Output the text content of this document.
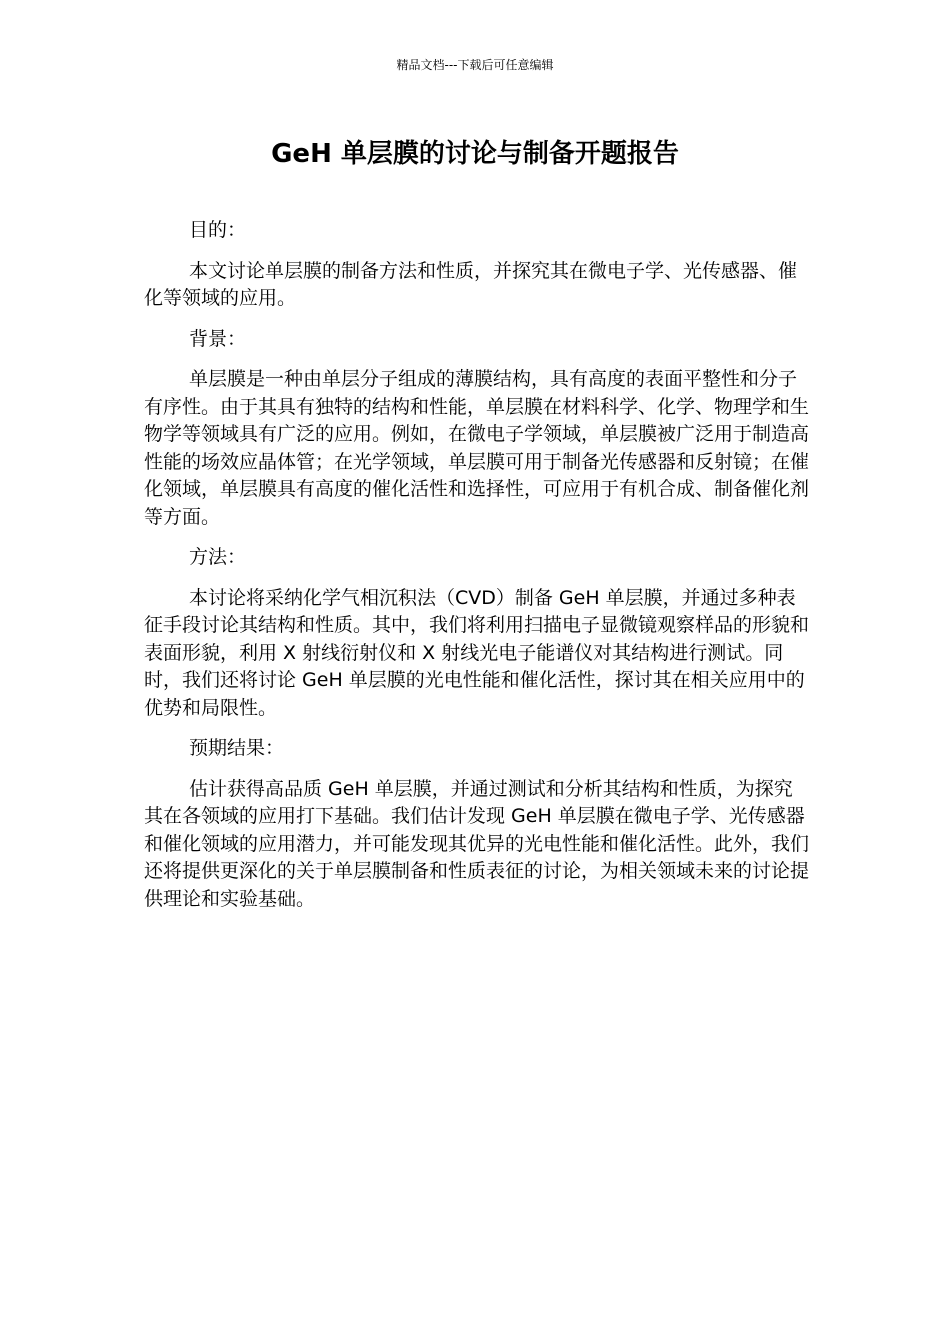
精品文档---下载后可任意编辑
GeH 单层膜的讨论与制备开题报告

目的：

本文讨论单层膜的制备方法和性质，并探究其在微电子学、光传感器、催化等领域的应用。

背景：

单层膜是一种由单层分子组成的薄膜结构，具有高度的表面平整性和分子有序性。由于其具有独特的结构和性能，单层膜在材料科学、化学、物理学和生物学等领域具有广泛的应用。例如，在微电子学领域，单层膜被广泛用于制造高性能的场效应晶体管；在光学领域，单层膜可用于制备光传感器和反射镜；在催化领域，单层膜具有高度的催化活性和选择性，可应用于有机合成、制备催化剂等方面。

方法：

本讨论将采纳化学气相沉积法（CVD）制备 GeH 单层膜，并通过多种表征手段讨论其结构和性质。其中，我们将利用扫描电子显微镜观察样品的形貌和表面形貌，利用 X 射线衍射仪和 X 射线光电子能谱仪对其结构进行测试。同时，我们还将讨论 GeH 单层膜的光电性能和催化活性，探讨其在相关应用中的优势和局限性。

预期结果：

估计获得高品质 GeH 单层膜，并通过测试和分析其结构和性质，为探究其在各领域的应用打下基础。我们估计发现 GeH 单层膜在微电子学、光传感器和催化领域的应用潜力，并可能发现其优异的光电性能和催化活性。此外，我们还将提供更深化的关于单层膜制备和性质表征的讨论，为相关领域未来的讨论提供理论和实验基础。
